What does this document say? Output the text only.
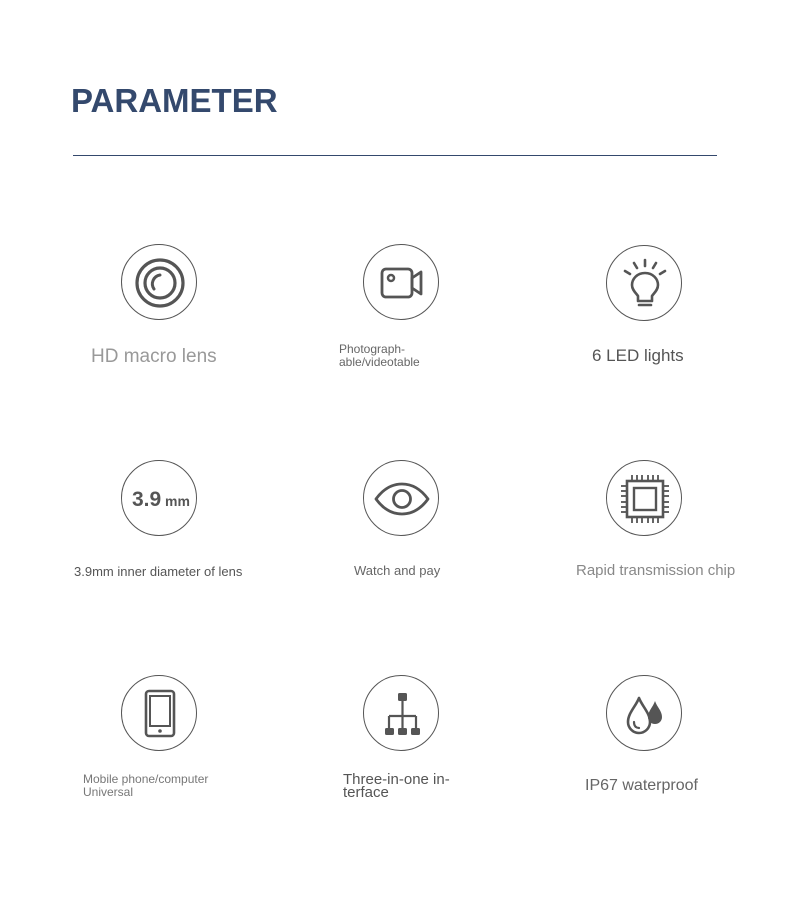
PARAMETER
HD macro lens	Photograph-
able/videotable	6 LED lights
3.9 mm
3.9mm inner diameter of lens	Watch and pay	Rapid transmission chip
Mobile phone/computer
Universal
Three-in-one in-
terface	IP67 waterproof
